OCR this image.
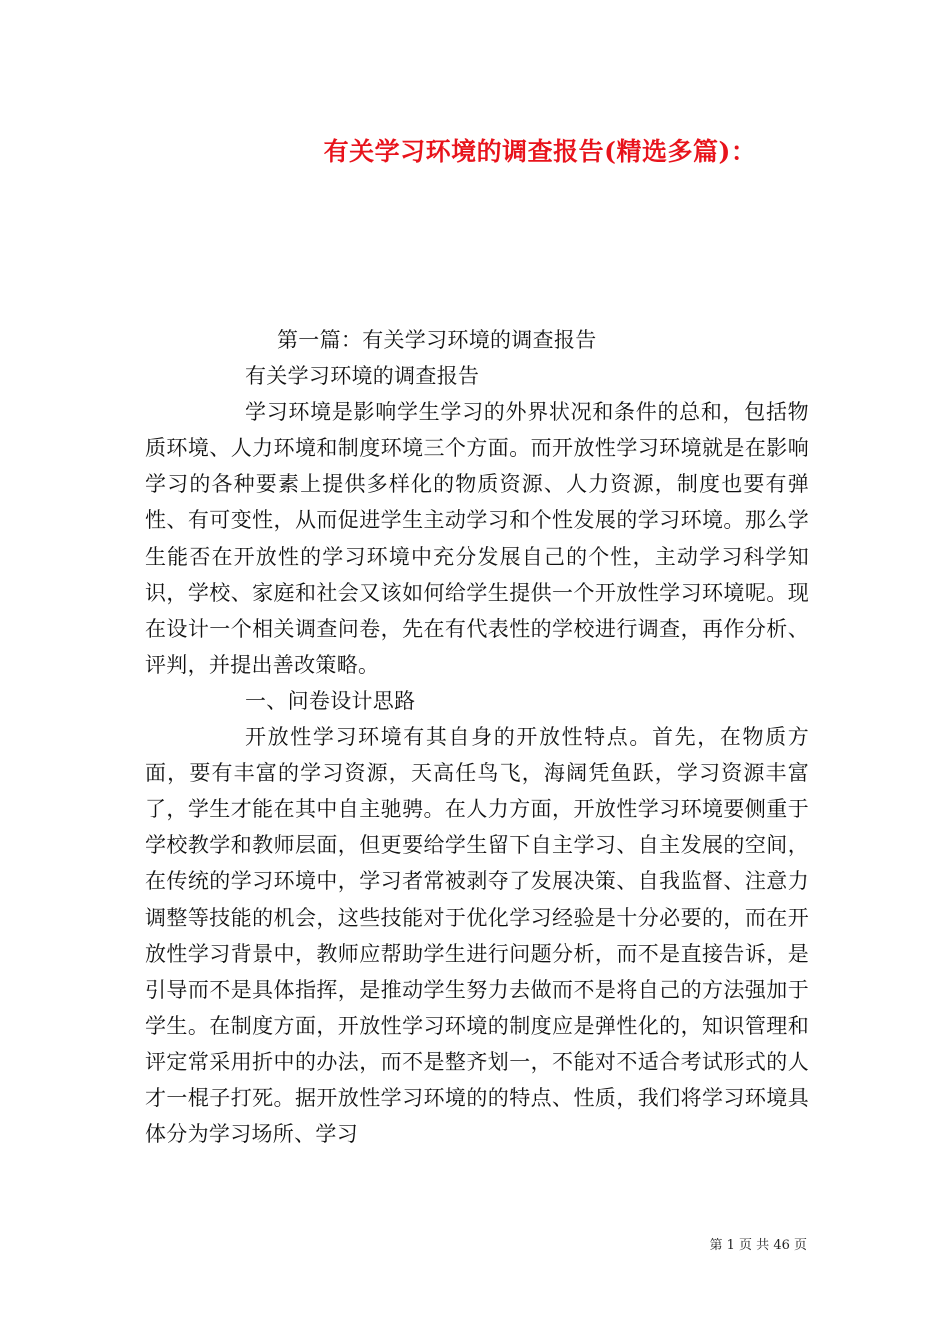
有关学习环境的调查报告(精选多篇)：

第一篇：有关学习环境的调查报告

有关学习环境的调查报告

学习环境是影响学生学习的外界状况和条件的总和，包括物质环境、人力环境和制度环境三个方面。而开放性学习环境就是在影响学习的各种要素上提供多样化的物质资源、人力资源，制度也要有弹性、有可变性，从而促进学生主动学习和个性发展的学习环境。那么学生能否在开放性的学习环境中充分发展自己的个性，主动学习科学知识，学校、家庭和社会又该如何给学生提供一个开放性学习环境呢。现在设计一个相关调查问卷，先在有代表性的学校进行调查，再作分析、评判，并提出善改策略。

一、问卷设计思路

开放性学习环境有其自身的开放性特点。首先，在物质方面，要有丰富的学习资源，天高任鸟飞，海阔凭鱼跃，学习资源丰富了，学生才能在其中自主驰骋。在人力方面，开放性学习环境要侧重于学校教学和教师层面，但更要给学生留下自主学习、自主发展的空间，在传统的学习环境中，学习者常被剥夺了发展决策、自我监督、注意力调整等技能的机会，这些技能对于优化学习经验是十分必要的，而在开放性学习背景中，教师应帮助学生进行问题分析，而不是直接告诉，是引导而不是具体指挥，是推动学生努力去做而不是将自己的方法强加于学生。在制度方面，开放性学习环境的制度应是弹性化的，知识管理和评定常采用折中的办法，而不是整齐划一，不能对不适合考试形式的人才一棍子打死。据开放性学习环境的的特点、性质，我们将学习环境具体分为学习场所、学习

第 1 页 共 46 页
